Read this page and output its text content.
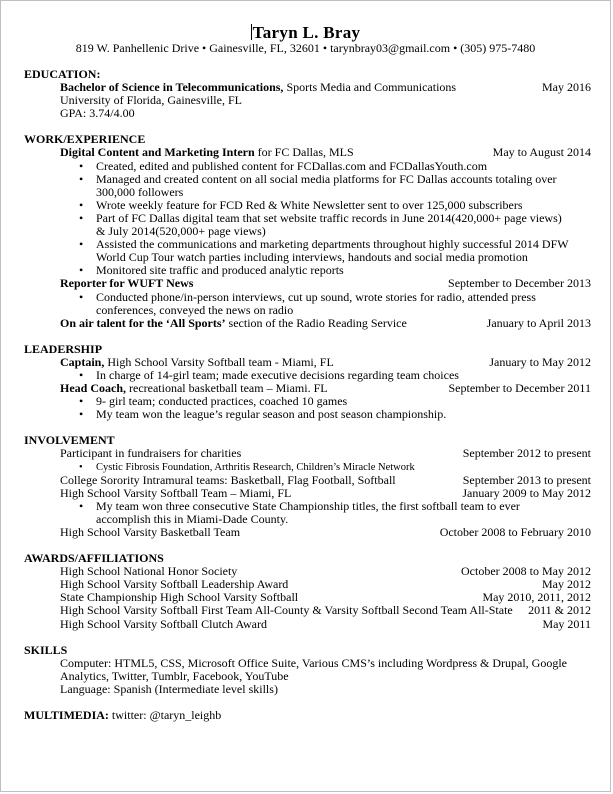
Taryn L. Bray
819 W. Panhellenic Drive • Gainesville, FL, 32601 • tarynbray03@gmail.com • (305) 975-7480
EDUCATION:
Bachelor of Science in Telecommunications, Sports Media and Communications	May 2016
University of Florida, Gainesville, FL
GPA: 3.74/4.00
WORK/EXPERIENCE
Digital Content and Marketing Intern for FC Dallas, MLS	May to August 2014
• Created, edited and published content for FCDallas.com and FCDallasYouth.com
• Managed and created content on all social media platforms for FC Dallas accounts totaling over 300,000 followers
• Wrote weekly feature for FCD Red & White Newsletter sent to over 125,000 subscribers
• Part of FC Dallas digital team that set website traffic records in June 2014(420,000+ page views) & July 2014(520,000+ page views)
• Assisted the communications and marketing departments throughout highly successful 2014 DFW World Cup Tour watch parties including interviews, handouts and social media promotion
• Monitored site traffic and produced analytic reports
Reporter for WUFT News	September to December 2013
• Conducted phone/in-person interviews, cut up sound, wrote stories for radio, attended press conferences, conveyed the news on radio
On air talent for the ‘All Sports’ section of the Radio Reading Service	January to April 2013
LEADERSHIP
Captain, High School Varsity Softball team - Miami, FL	January to May 2012
• In charge of 14-girl team; made executive decisions regarding team choices
Head Coach, recreational basketball team – Miami. FL	September to December 2011
• 9- girl team; conducted practices, coached 10 games
• My team won the league’s regular season and post season championship.
INVOLVEMENT
Participant in fundraisers for charities	September 2012 to present
• Cystic Fibrosis Foundation, Arthritis Research, Children’s Miracle Network
College Sorority Intramural teams: Basketball, Flag Football, Softball	September 2013 to present
High School Varsity Softball Team – Miami, FL	January 2009 to May 2012
• My team won three consecutive State Championship titles, the first softball team to ever accomplish this in Miami-Dade County.
High School Varsity Basketball Team	October 2008 to February 2010
AWARDS/AFFILIATIONS
High School National Honor Society	October 2008 to May 2012
High School Varsity Softball Leadership Award	May 2012
State Championship High School Varsity Softball	May 2010, 2011, 2012
High School Varsity Softball First Team All-County & Varsity Softball Second Team All-State	2011 & 2012
High School Varsity Softball Clutch Award	May 2011
SKILLS
Computer: HTML5, CSS, Microsoft Office Suite, Various CMS’s including Wordpress & Drupal, Google Analytics, Twitter, Tumblr, Facebook, YouTube
Language: Spanish (Intermediate level skills)
MULTIMEDIA: twitter: @taryn_leighb
